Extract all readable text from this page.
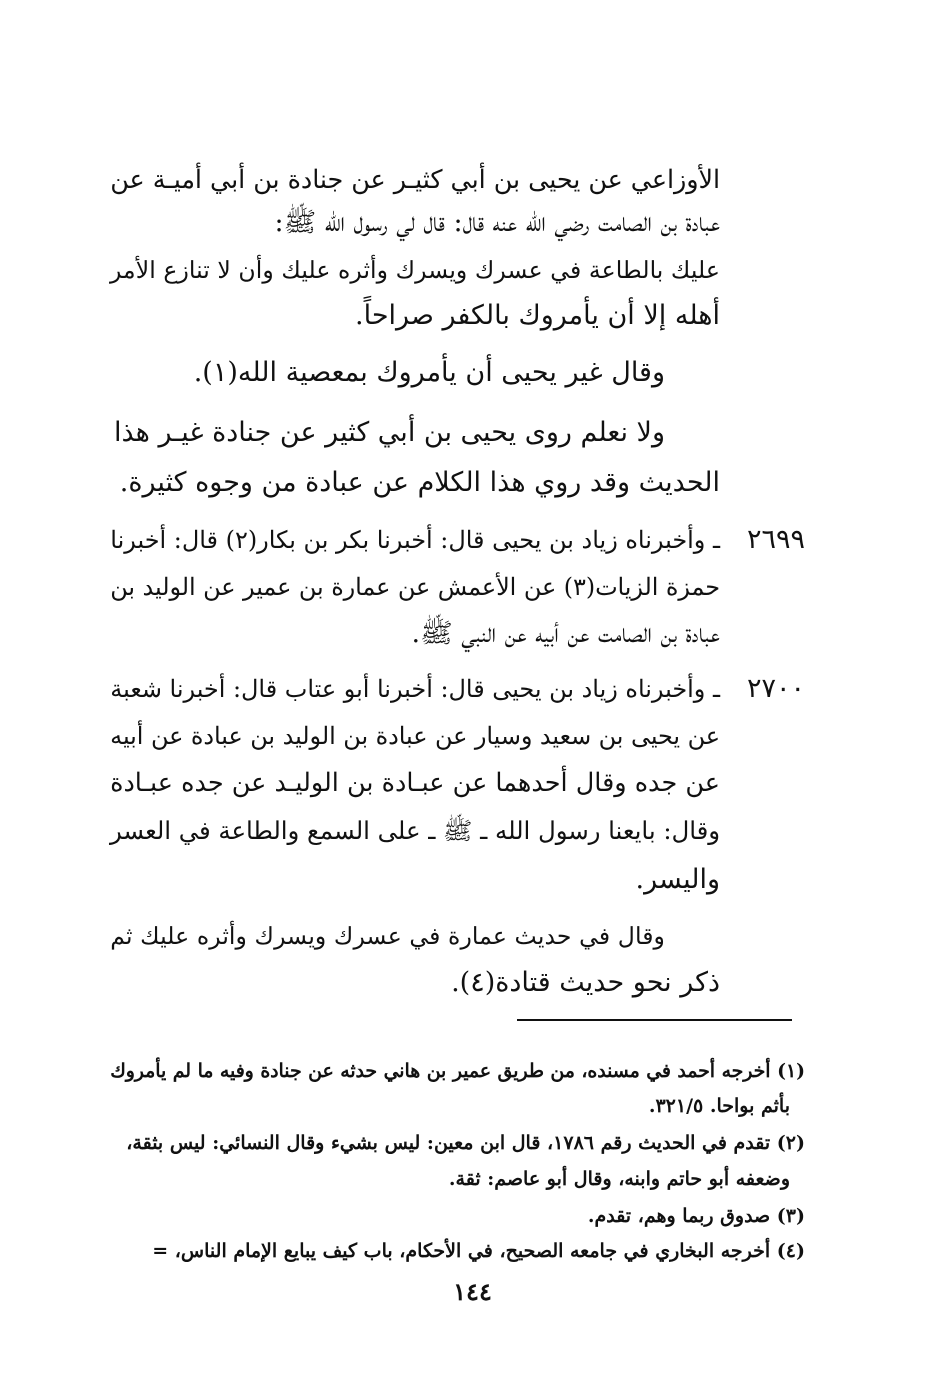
الأوزاعي عن يحيى بن أبي كثيـر عن جنادة بن أبي أميـة عن

عبادة بن الصامت رضي الله عنه قال: قال لي رسول الله ﷺ:

عليك بالطاعة في عسرك ويسرك وأثره عليك وأن لا تنازع الأمر

أهله إلا أن يأمروك بالكفر صراحاً.

وقال غير يحيى أن يأمروك بمعصية الله(١).

ولا نعلم روى يحيى بن أبي كثير عن جنادة غيـر هذا

الحديث وقد روي هذا الكلام عن عبادة من وجوه كثيرة.

٢٦٩٩

ـ وأخبرناه زياد بن يحيى قال: أخبرنا بكر بن بكار(٢) قال: أخبرنا

حمزة الزيات(٣) عن الأعمش عن عمارة بن عمير عن الوليد بن

عبادة بن الصامت عن أبيه عن النبي ﷺ.

٢٧٠٠

ـ وأخبرناه زياد بن يحيى قال: أخبرنا أبو عتاب قال: أخبرنا شعبة

عن يحيى بن سعيد وسيار عن عبادة بن الوليد بن عبادة عن أبيه

عن جده وقال أحدهما عن عبـادة بن الوليـد عن جده عبـادة

وقال: بايعنا رسول الله ـ ﷺ ـ على السمع والطاعة في العسر

واليسر.

وقال في حديث عمارة في عسرك ويسرك وأثره عليك ثم

ذكر نحو حديث قتادة(٤).

(١) أخرجه أحمد في مسنده، من طريق عمير بن هاني حدثه عن جنادة وفيه ما لم يأمروك

بأثم بواحا. ٣٢١/٥.

(٢) تقدم في الحديث رقم ١٧٨٦، قال ابن معين: ليس بشيء وقال النسائي: ليس بثقة،

وضعفه أبو حاتم وابنه، وقال أبو عاصم: ثقة.

(٣) صدوق ربما وهم، تقدم.

(٤) أخرجه البخاري في جامعه الصحيح، في الأحكام، باب كيف يبايع الإمام الناس، =

١٤٤
